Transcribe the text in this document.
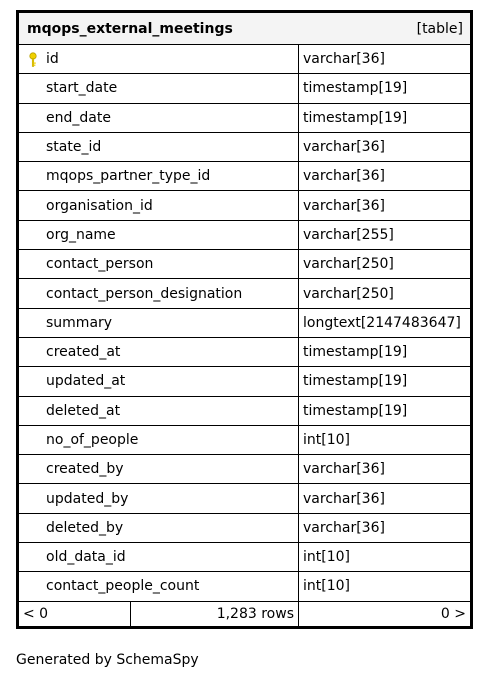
mqops_external_meetings	[table]
id	varchar[36]
start_date	timestamp[19]
end_date	timestamp[19]
state_id	varchar[36]
mqops_partner_type_id	varchar[36]
organisation_id	varchar[36]
org_name	varchar[255]
contact_person	varchar[250]
contact_person_designation	varchar[250]
summary	longtext[2147483647]
created_at	timestamp[19]
updated_at	timestamp[19]
deleted_at	timestamp[19]
no_of_people	int[10]
created_by	varchar[36]
updated_by	varchar[36]
deleted_by	varchar[36]
old_data_id	int[10]
contact_people_count	int[10]
< 0	1,283 rows	0 >
Generated by SchemaSpy
